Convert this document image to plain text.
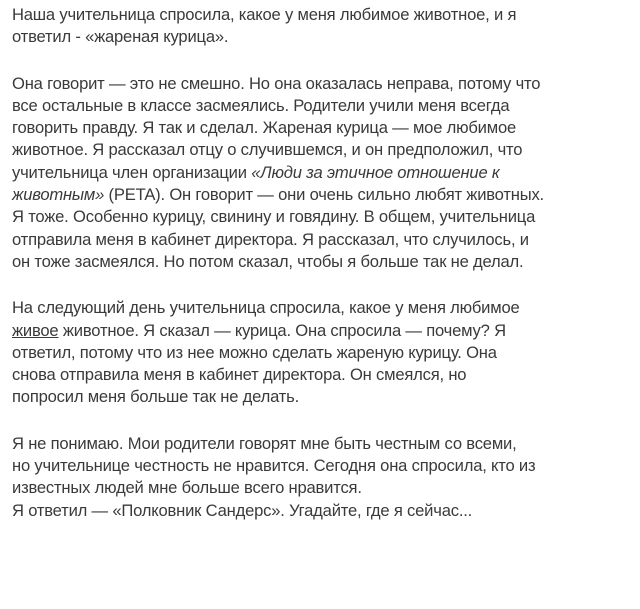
Наша учительница спросила, какое у меня любимое животное, и я
ответил - «жареная курица».

Она говорит — это не смешно. Но она оказалась неправа, потому что
все остальные в классе засмеялись. Родители учили меня всегда
говорить правду. Я так и сделал. Жареная курица — мое любимое
животное. Я рассказал отцу о случившемся, и он предположил, что
учительница член организации «Люди за этичное отношение к
животным» (PETA). Он говорит — они очень сильно любят животных.
Я тоже. Особенно курицу, свинину и говядину. В общем, учительница
отправила меня в кабинет директора. Я рассказал, что случилось, и
он тоже засмеялся. Но потом сказал, чтобы я больше так не делал.

На следующий день учительница спросила, какое у меня любимое
живое животное. Я сказал — курица. Она спросила — почему? Я
ответил, потому что из нее можно сделать жареную курицу. Она
снова отправила меня в кабинет директора. Он смеялся, но
попросил меня больше так не делать.

Я не понимаю. Мои родители говорят мне быть честным со всеми,
но учительнице честность не нравится. Сегодня она спросила, кто из
известных людей мне больше всего нравится.
Я ответил — «Полковник Сандерс». Угадайте, где я сейчас...
